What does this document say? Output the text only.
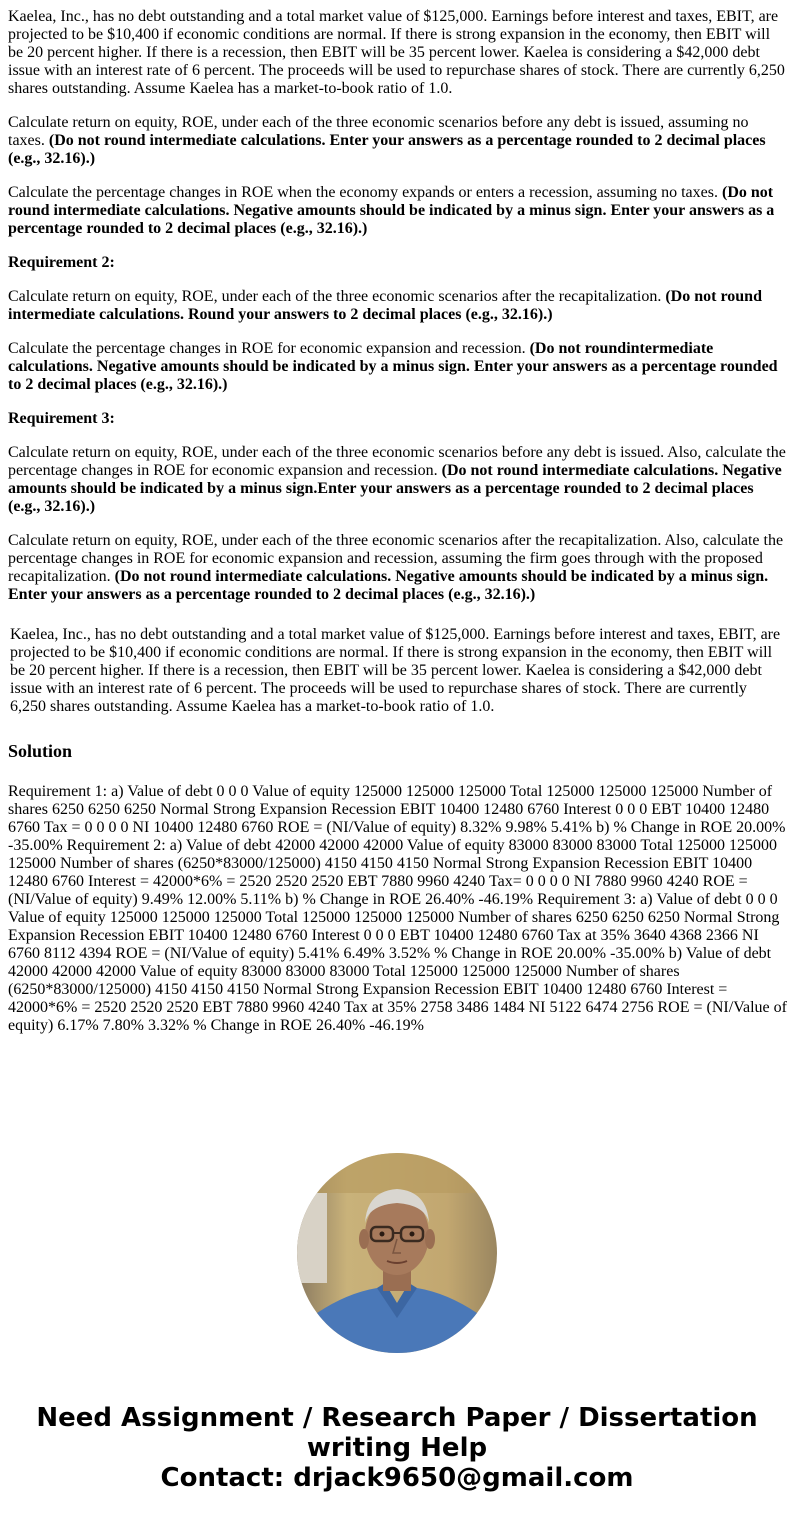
Kaelea, Inc., has no debt outstanding and a total market value of $125,000. Earnings before interest and taxes, EBIT, are projected to be $10,400 if economic conditions are normal. If there is strong expansion in the economy, then EBIT will be 20 percent higher. If there is a recession, then EBIT will be 35 percent lower. Kaelea is considering a $42,000 debt issue with an interest rate of 6 percent. The proceeds will be used to repurchase shares of stock. There are currently 6,250 shares outstanding. Assume Kaelea has a market-to-book ratio of 1.0.

Calculate return on equity, ROE, under each of the three economic scenarios before any debt is issued, assuming no taxes. (Do not round intermediate calculations. Enter your answers as a percentage rounded to 2 decimal places (e.g., 32.16).)

Calculate the percentage changes in ROE when the economy expands or enters a recession, assuming no taxes. (Do not round intermediate calculations. Negative amounts should be indicated by a minus sign. Enter your answers as a percentage rounded to 2 decimal places (e.g., 32.16).)

Requirement 2:

Calculate return on equity, ROE, under each of the three economic scenarios after the recapitalization. (Do not round intermediate calculations. Round your answers to 2 decimal places (e.g., 32.16).)

Calculate the percentage changes in ROE for economic expansion and recession. (Do not roundintermediate calculations. Negative amounts should be indicated by a minus sign. Enter your answers as a percentage rounded to 2 decimal places (e.g., 32.16).)

Requirement 3:

Calculate return on equity, ROE, under each of the three economic scenarios before any debt is issued. Also, calculate the percentage changes in ROE for economic expansion and recession. (Do not round intermediate calculations. Negative amounts should be indicated by a minus sign.Enter your answers as a percentage rounded to 2 decimal places (e.g., 32.16).)

Calculate return on equity, ROE, under each of the three economic scenarios after the recapitalization. Also, calculate the percentage changes in ROE for economic expansion and recession, assuming the firm goes through with the proposed recapitalization. (Do not round intermediate calculations. Negative amounts should be indicated by a minus sign. Enter your answers as a percentage rounded to 2 decimal places (e.g., 32.16).)

Kaelea, Inc., has no debt outstanding and a total market value of $125,000. Earnings before interest and taxes, EBIT, are projected to be $10,400 if economic conditions are normal. If there is strong expansion in the economy, then EBIT will be 20 percent higher. If there is a recession, then EBIT will be 35 percent lower. Kaelea is considering a $42,000 debt issue with an interest rate of 6 percent. The proceeds will be used to repurchase shares of stock. There are currently 6,250 shares outstanding. Assume Kaelea has a market-to-book ratio of 1.0.
Solution

Requirement 1: a) Value of debt 0 0 0 Value of equity 125000 125000 125000 Total 125000 125000 125000 Number of shares 6250 6250 6250 Normal Strong Expansion Recession EBIT 10400 12480 6760 Interest 0 0 0 EBT 10400 12480 6760 Tax = 0 0 0 0 NI 10400 12480 6760 ROE = (NI/Value of equity) 8.32% 9.98% 5.41% b) % Change in ROE 20.00% -35.00% Requirement 2: a) Value of debt 42000 42000 42000 Value of equity 83000 83000 83000 Total 125000 125000 125000 Number of shares (6250*83000/125000) 4150 4150 4150 Normal Strong Expansion Recession EBIT 10400 12480 6760 Interest = 42000*6% = 2520 2520 2520 EBT 7880 9960 4240 Tax= 0 0 0 0 NI 7880 9960 4240 ROE = (NI/Value of equity) 9.49% 12.00% 5.11% b) % Change in ROE 26.40% -46.19% Requirement 3: a) Value of debt 0 0 0 Value of equity 125000 125000 125000 Total 125000 125000 125000 Number of shares 6250 6250 6250 Normal Strong Expansion Recession EBIT 10400 12480 6760 Interest 0 0 0 EBT 10400 12480 6760 Tax at 35% 3640 4368 2366 NI 6760 8112 4394 ROE = (NI/Value of equity) 5.41% 6.49% 3.52% % Change in ROE 20.00% -35.00% b) Value of debt 42000 42000 42000 Value of equity 83000 83000 83000 Total 125000 125000 125000 Number of shares (6250*83000/125000) 4150 4150 4150 Normal Strong Expansion Recession EBIT 10400 12480 6760 Interest = 42000*6% = 2520 2520 2520 EBT 7880 9960 4240 Tax at 35% 2758 3486 1484 NI 5122 6474 2756 ROE = (NI/Value of equity) 6.17% 7.80% 3.32% % Change in ROE 26.40% -46.19%

Need Assignment / Research Paper / Dissertation
writing Help
Contact: drjack9650@gmail.com
